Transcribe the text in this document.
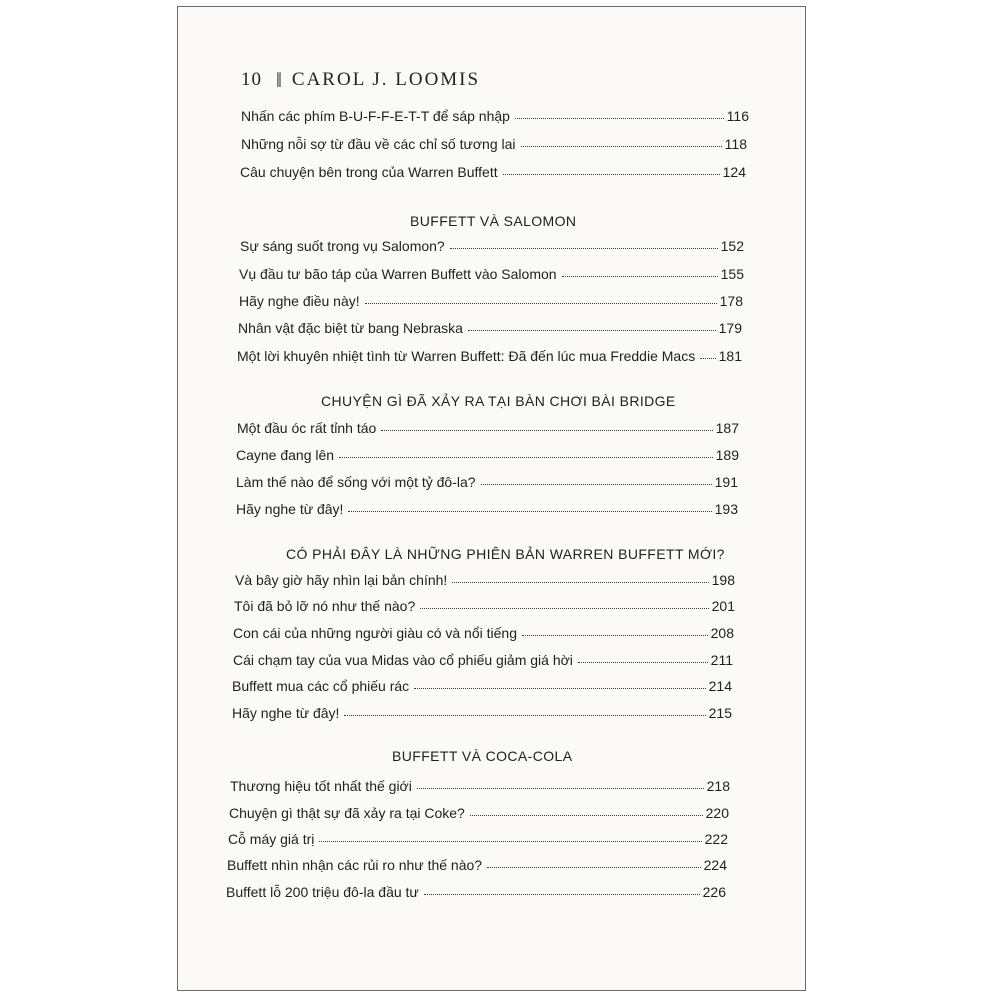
10 ‖ CAROL J. LOOMIS
Nhấn các phím B-U-F-F-E-T-T để sáp nhập	116
Những nỗi sợ từ đầu về các chỉ số tương lai	118
Câu chuyện bên trong của Warren Buffett	124
BUFFETT VÀ SALOMON
Sự sáng suốt trong vụ Salomon?	152
Vụ đầu tư bão táp của Warren Buffett vào Salomon	155
Hãy nghe điều này!	178
Nhân vật đặc biệt từ bang Nebraska	179
Một lời khuyên nhiệt tình từ Warren Buffett: Đã đến lúc mua Freddie Macs 181
CHUYỆN GÌ ĐÃ XẢY RA TẠI BÀN CHƠI BÀI BRIDGE
Một đầu óc rất tỉnh táo	187
Cayne đang lên	189
Làm thế nào để sống với một tỷ đô-la?	191
Hãy nghe từ đây!	193
CÓ PHẢI ĐÂY LÀ NHỮNG PHIÊN BẢN WARREN BUFFETT MỚI?
Và bây giờ hãy nhìn lại bản chính!	198
Tôi đã bỏ lỡ nó như thế nào?	201
Con cái của những người giàu có và nổi tiếng	208
Cái chạm tay của vua Midas vào cổ phiếu giảm giá hời	211
Buffett mua các cổ phiếu rác	214
Hãy nghe từ đây!	215
BUFFETT VÀ COCA-COLA
Thương hiệu tốt nhất thế giới	218
Chuyện gì thật sự đã xảy ra tại Coke?	220
Cỗ máy giá trị	222
Buffett nhìn nhận các rủi ro như thế nào?	224
Buffett lỗ 200 triệu đô-la đầu tư	226
